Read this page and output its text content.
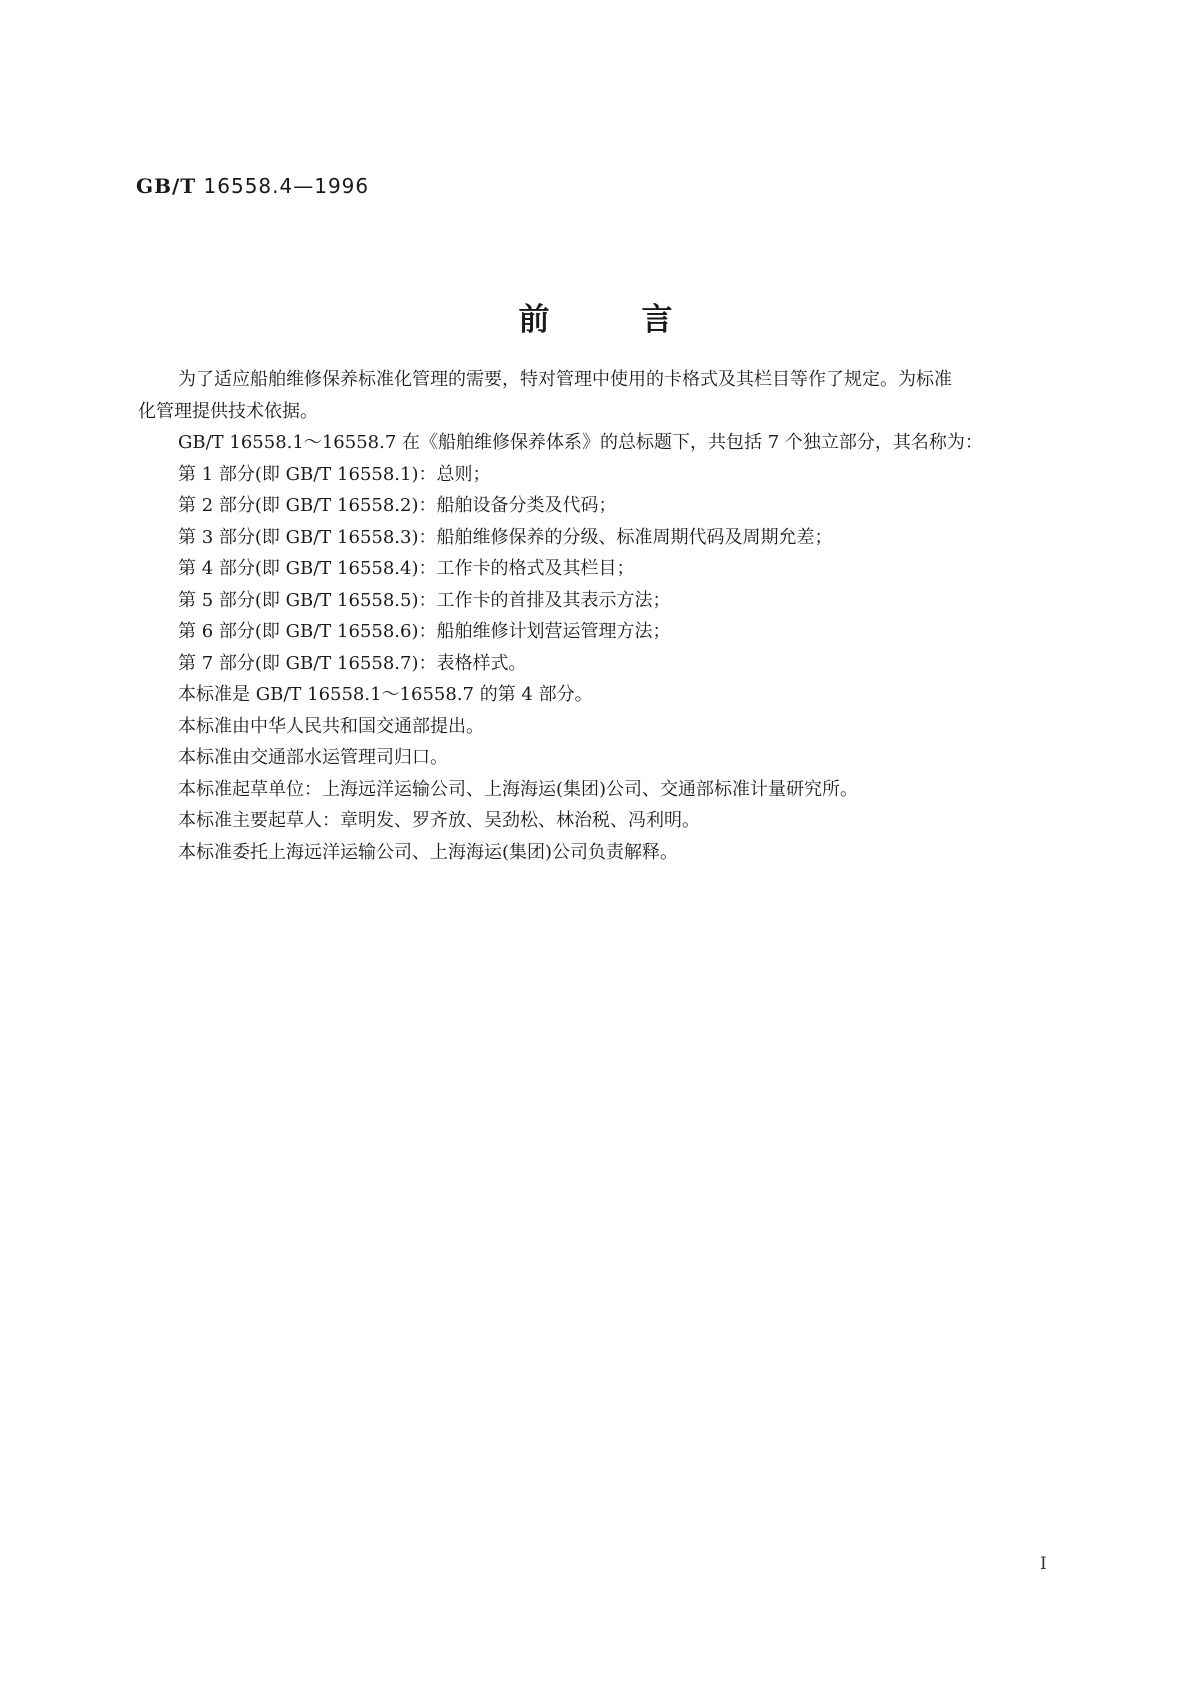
GB/T 16558.4—1996
前	言

为了适应船舶维修保养标准化管理的需要，特对管理中使用的卡格式及其栏目等作了规定。为标准
化管理提供技术依据。

GB/T 16558.1～16558.7 在《船舶维修保养体系》的总标题下，共包括 7 个独立部分，其名称为：

第 1 部分(即 GB/T 16558.1)：总则；

第 2 部分(即 GB/T 16558.2)：船舶设备分类及代码；

第 3 部分(即 GB/T 16558.3)：船舶维修保养的分级、标准周期代码及周期允差；

第 4 部分(即 GB/T 16558.4)：工作卡的格式及其栏目；

第 5 部分(即 GB/T 16558.5)：工作卡的首排及其表示方法；

第 6 部分(即 GB/T 16558.6)：船舶维修计划营运管理方法；

第 7 部分(即 GB/T 16558.7)：表格样式。

本标准是 GB/T 16558.1～16558.7 的第 4 部分。

本标准由中华人民共和国交通部提出。

本标准由交通部水运管理司归口。

本标准起草单位：上海远洋运输公司、上海海运(集团)公司、交通部标准计量研究所。

本标准主要起草人：章明发、罗齐放、吴劲松、林治税、冯利明。

本标准委托上海远洋运输公司、上海海运(集团)公司负责解释。

I
